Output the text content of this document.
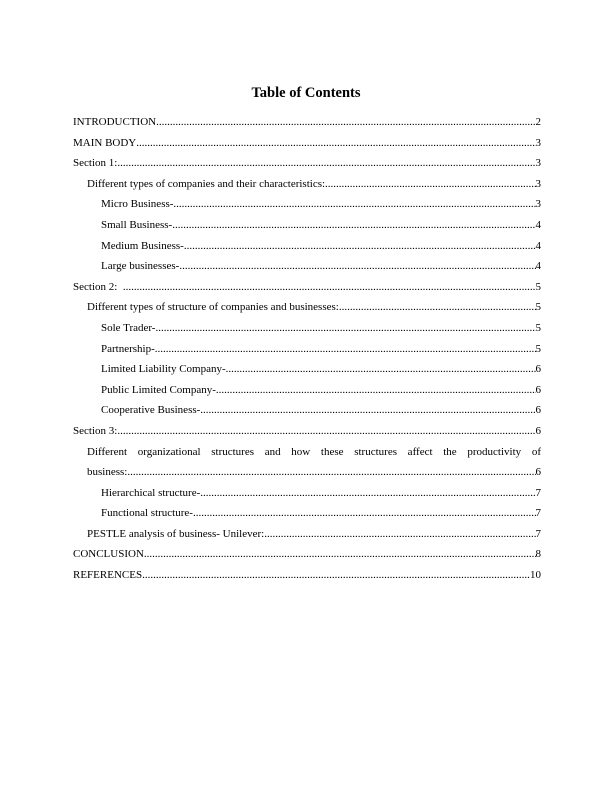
Table of Contents
INTRODUCTION .....	2
MAIN BODY .....	3
Section 1: .....	3
Different types of companies and their characteristics: .....	3
Micro Business- .....	3
Small Business- .....	4
Medium Business- .....	4
Large businesses- .....	4
Section 2: .....	5
Different types of structure of companies and businesses: .....	5
Sole Trader- .....	5
Partnership- .....	5
Limited Liability Company- .....	6
Public Limited Company- .....	6
Cooperative Business- .....	6
Section 3: .....	6
Different organizational structures and how these structures affect the productivity of
business: .....	6
Hierarchical structure- .....	7
Functional structure- .....	7
PESTLE analysis of business- Unilever: .....	7
CONCLUSION .....	8
REFERENCES .....	10
